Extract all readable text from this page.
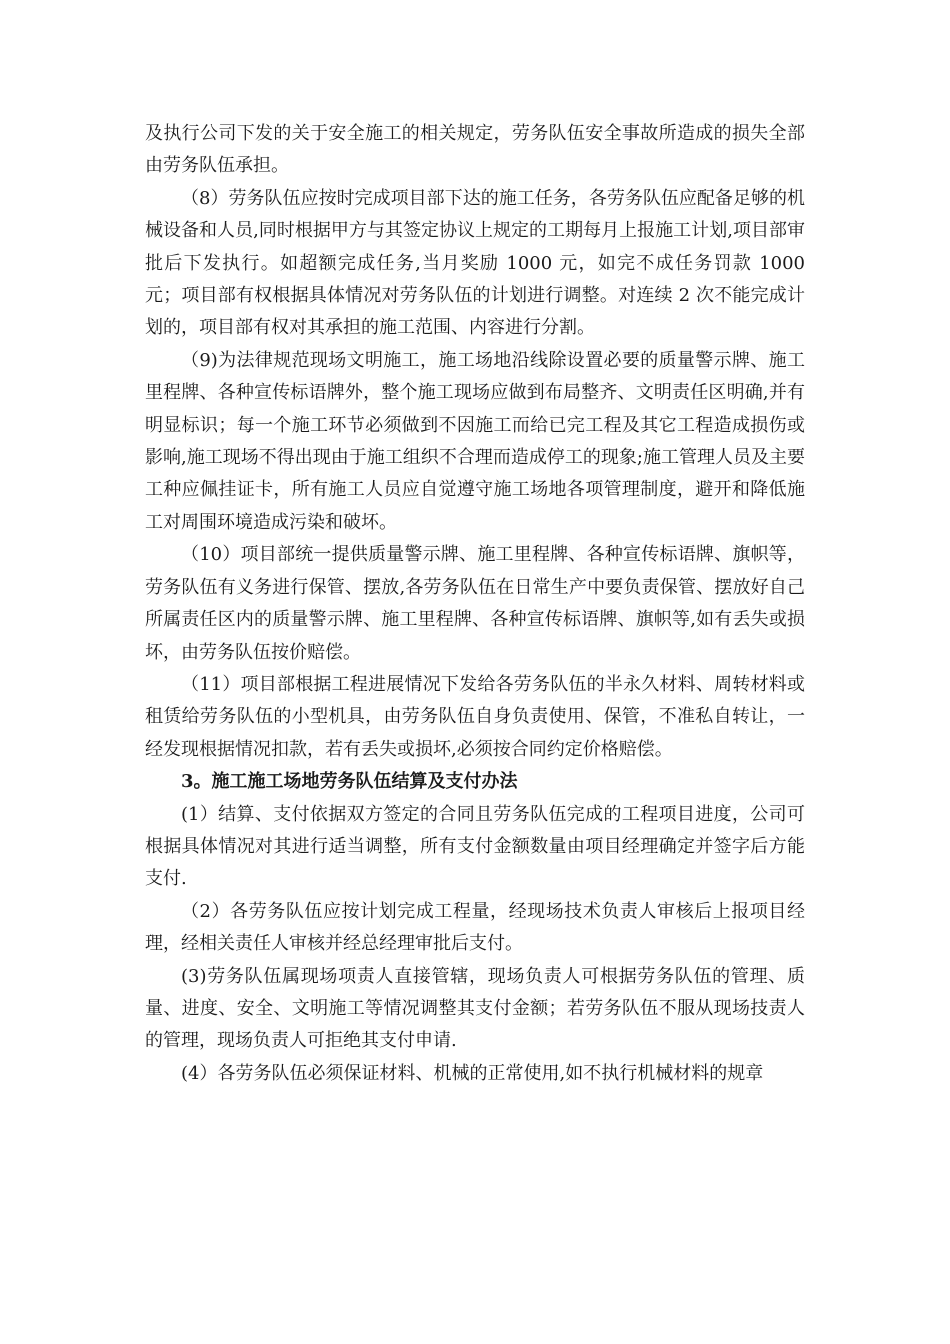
及执行公司下发的关于安全施工的相关规定，劳务队伍安全事故所造成的损失全部由劳务队伍承担。

（8）劳务队伍应按时完成项目部下达的施工任务，各劳务队伍应配备足够的机械设备和人员,同时根据甲方与其签定协议上规定的工期每月上报施工计划,项目部审批后下发执行。如超额完成任务,当月奖励 1000 元，如完不成任务罚款 1000 元；项目部有权根据具体情况对劳务队伍的计划进行调整。对连续 2 次不能完成计划的，项目部有权对其承担的施工范围、内容进行分割。

（9)为法律规范现场文明施工，施工场地沿线除设置必要的质量警示牌、施工里程牌、各种宣传标语牌外，整个施工现场应做到布局整齐、文明责任区明确,并有明显标识；每一个施工环节必须做到不因施工而给已完工程及其它工程造成损伤或影响,施工现场不得出现由于施工组织不合理而造成停工的现象;施工管理人员及主要工种应佩挂证卡，所有施工人员应自觉遵守施工场地各项管理制度，避开和降低施工对周围环境造成污染和破坏。

（10）项目部统一提供质量警示牌、施工里程牌、各种宣传标语牌、旗帜等，劳务队伍有义务进行保管、摆放,各劳务队伍在日常生产中要负责保管、摆放好自己所属责任区内的质量警示牌、施工里程牌、各种宣传标语牌、旗帜等,如有丢失或损坏，由劳务队伍按价赔偿。

（11）项目部根据工程进展情况下发给各劳务队伍的半永久材料、周转材料或租赁给劳务队伍的小型机具，由劳务队伍自身负责使用、保管，不准私自转让，一经发现根据情况扣款，若有丢失或损坏,必须按合同约定价格赔偿。

3。施工施工场地劳务队伍结算及支付办法

(1）结算、支付依据双方签定的合同且劳务队伍完成的工程项目进度，公司可根据具体情况对其进行适当调整，所有支付金额数量由项目经理确定并签字后方能支付.

（2）各劳务队伍应按计划完成工程量，经现场技术负责人审核后上报项目经理，经相关责任人审核并经总经理审批后支付。

(3)劳务队伍属现场项责人直接管辖，现场负责人可根据劳务队伍的管理、质量、进度、安全、文明施工等情况调整其支付金额；若劳务队伍不服从现场技责人的管理，现场负责人可拒绝其支付申请.

(4）各劳务队伍必须保证材料、机械的正常使用,如不执行机械材料的规章
